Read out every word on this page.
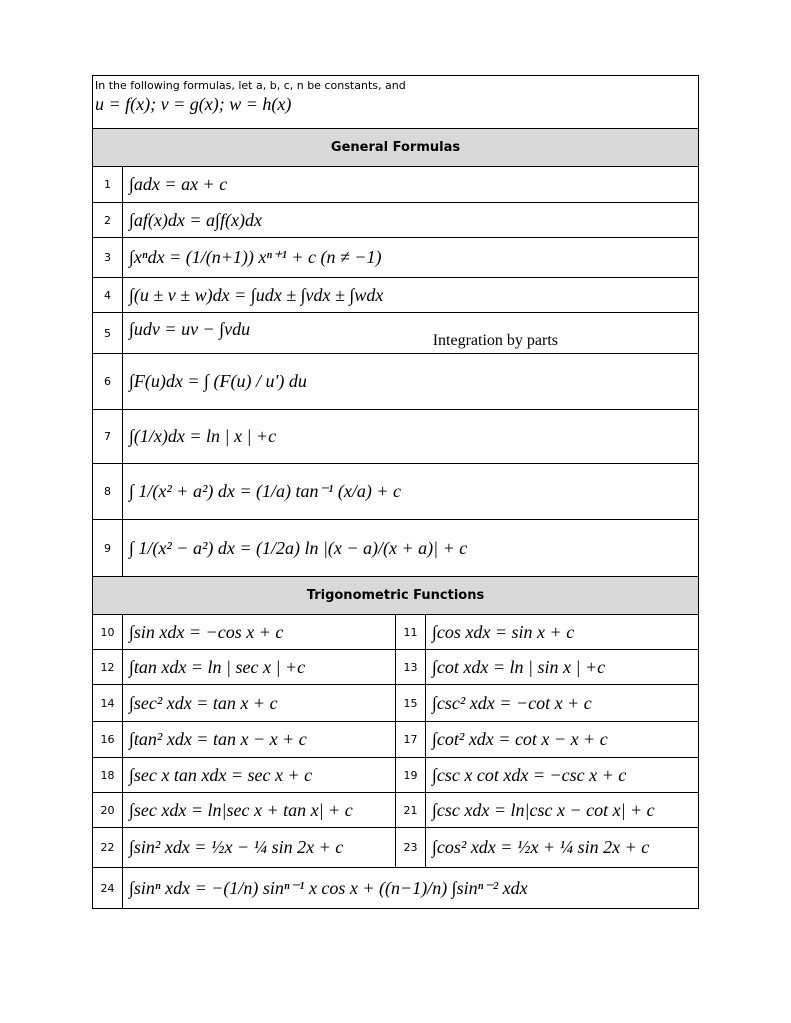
In the following formulas, let a, b, c, n be constants, and
u = f(x); v = g(x); w = h(x)
General Formulas
1	∫adx = ax + c
2	∫af(x)dx = a∫f(x)dx
3	∫xⁿdx = (1/(n+1)) xⁿ⁺¹ + c (n ≠ −1)
4	∫(u ± v ± w)dx = ∫udx ± ∫vdx ± ∫wdx
5	∫udv = uv − ∫vdu
Integration by parts
6	∫F(u)dx = ∫ (F(u) / u′) du
7	∫(1/x)dx = ln | x | +c
8	∫ 1/(x² + a²) dx = (1/a) tan⁻¹ (x/a) + c
9	∫ 1/(x² − a²) dx = (1/2a) ln |(x − a)/(x + a)| + c
Trigonometric Functions
10 ∫sin xdx = −cos x + c	11 ∫cos xdx = sin x + c
12 ∫tan xdx = ln | sec x | +c	13 ∫cot xdx = ln | sin x | +c
14 ∫sec² xdx = tan x + c	15 ∫csc² xdx = −cot x + c
16 ∫tan² xdx = tan x − x + c	17 ∫cot² xdx = cot x − x + c
18 ∫sec x tan xdx = sec x + c	19 ∫csc x cot xdx = −csc x + c
20 ∫sec xdx = ln|sec x + tan x| + c	21 ∫csc xdx = ln|csc x − cot x| + c
22 ∫sin² xdx = ½x − ¼ sin 2x + c	23 ∫cos² xdx = ½x + ¼ sin 2x + c
24 ∫sinⁿ xdx = −(1/n) sinⁿ⁻¹ x cos x + ((n−1)/n) ∫sinⁿ⁻² xdx
